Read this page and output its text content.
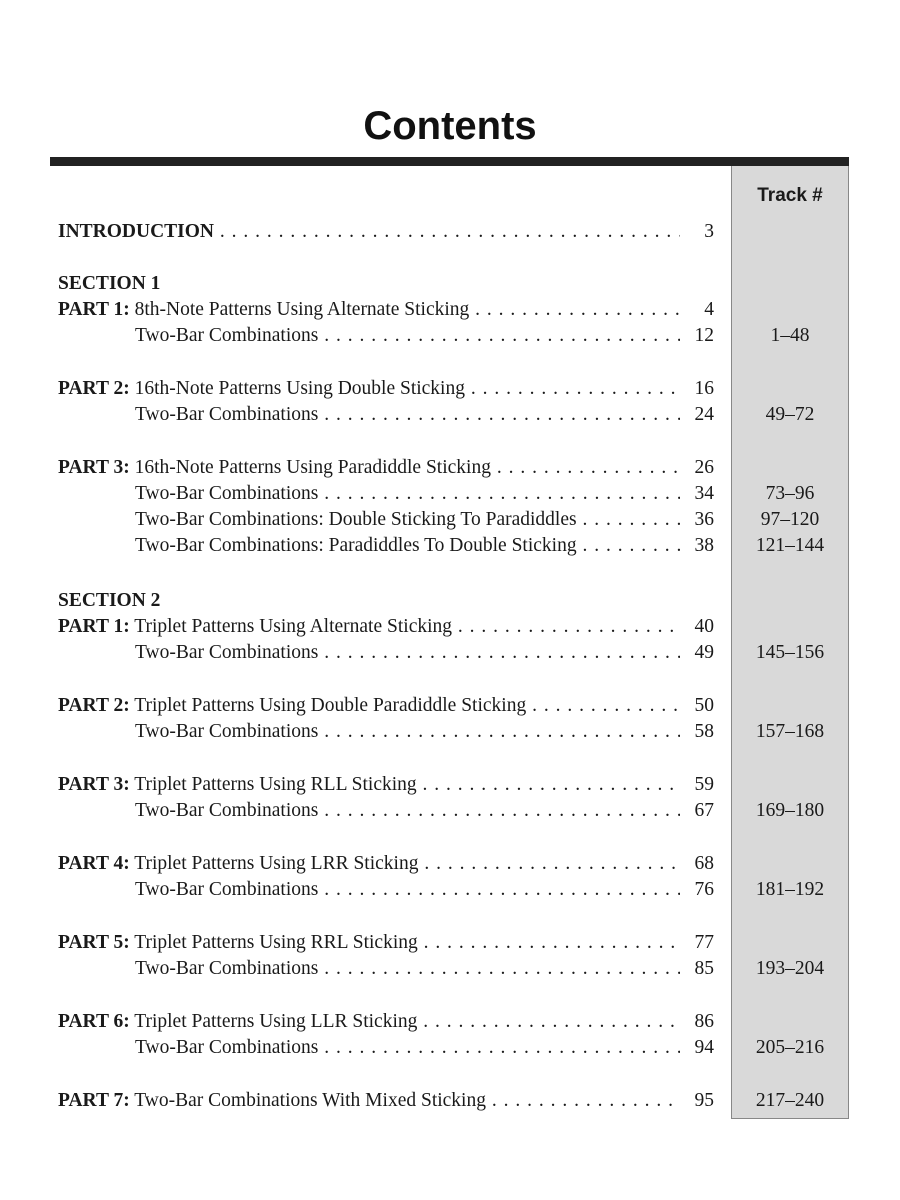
Contents
Track #
INTRODUCTION . . .	3
SECTION 1
PART 1: 8th-Note Patterns Using Alternate Sticking . . .	4
Two-Bar Combinations . . .	12	1–48
PART 2: 16th-Note Patterns Using Double Sticking . . .	16
Two-Bar Combinations . . .	24	49–72
PART 3: 16th-Note Patterns Using Paradiddle Sticking . . .	26
Two-Bar Combinations . . .	34	73–96
Two-Bar Combinations: Double Sticking To Paradiddles . . .	36	97–120
Two-Bar Combinations: Paradiddles To Double Sticking . . .	38	121–144
SECTION 2
PART 1: Triplet Patterns Using Alternate Sticking . . .	40
Two-Bar Combinations . . .	49	145–156
PART 2: Triplet Patterns Using Double Paradiddle Sticking . . .	50
Two-Bar Combinations . . .	58	157–168
PART 3: Triplet Patterns Using RLL Sticking . . .	59
Two-Bar Combinations . . .	67	169–180
PART 4: Triplet Patterns Using LRR Sticking . . .	68
Two-Bar Combinations . . .	76	181–192
PART 5: Triplet Patterns Using RRL Sticking . . .	77
Two-Bar Combinations . . .	85	193–204
PART 6: Triplet Patterns Using LLR Sticking . . .	86
Two-Bar Combinations . . .	94	205–216
PART 7: Two-Bar Combinations With Mixed Sticking . . .	95	217–240
